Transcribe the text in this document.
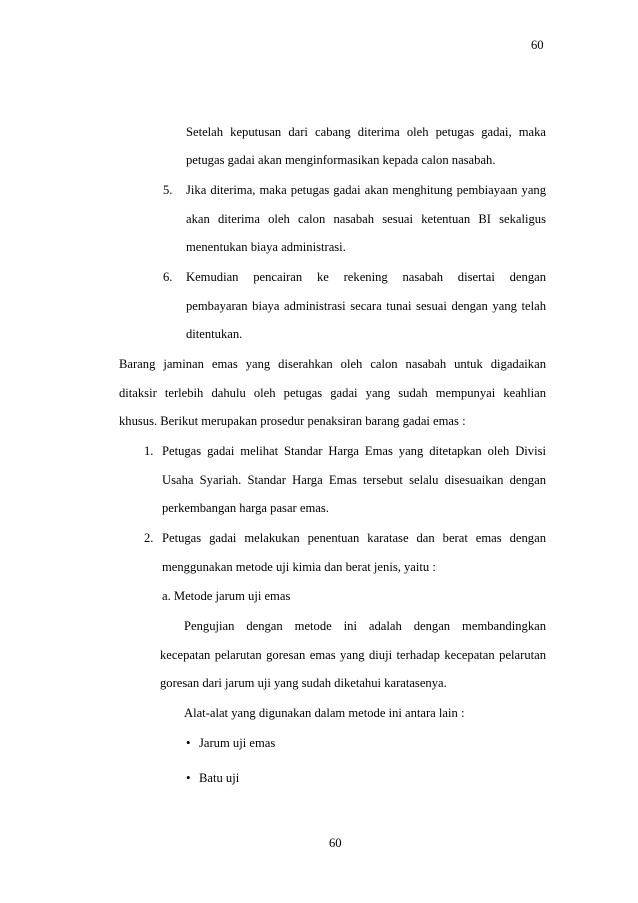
60
Setelah keputusan dari cabang diterima oleh petugas gadai, maka
petugas gadai akan menginformasikan kepada calon nasabah.
5. Jika diterima, maka petugas gadai akan menghitung pembiayaan yang
akan diterima oleh calon nasabah sesuai ketentuan BI sekaligus
menentukan biaya administrasi.
6. Kemudian pencairan ke rekening nasabah disertai dengan
pembayaran biaya administrasi secara tunai sesuai dengan yang telah
ditentukan.
Barang jaminan emas yang diserahkan oleh calon nasabah untuk digadaikan
ditaksir terlebih dahulu oleh petugas gadai yang sudah mempunyai keahlian
khusus. Berikut merupakan prosedur penaksiran barang gadai emas :
1. Petugas gadai melihat Standar Harga Emas yang ditetapkan oleh Divisi
Usaha Syariah. Standar Harga Emas tersebut selalu disesuaikan dengan
perkembangan harga pasar emas.
2. Petugas gadai melakukan penentuan karatase dan berat emas dengan
menggunakan metode uji kimia dan berat jenis, yaitu :
a. Metode jarum uji emas
Pengujian dengan metode ini adalah dengan membandingkan
kecepatan pelarutan goresan emas yang diuji terhadap kecepatan pelarutan
goresan dari jarum uji yang sudah diketahui karatasenya.
Alat-alat yang digunakan dalam metode ini antara lain :
• Jarum uji emas
• Batu uji
60
